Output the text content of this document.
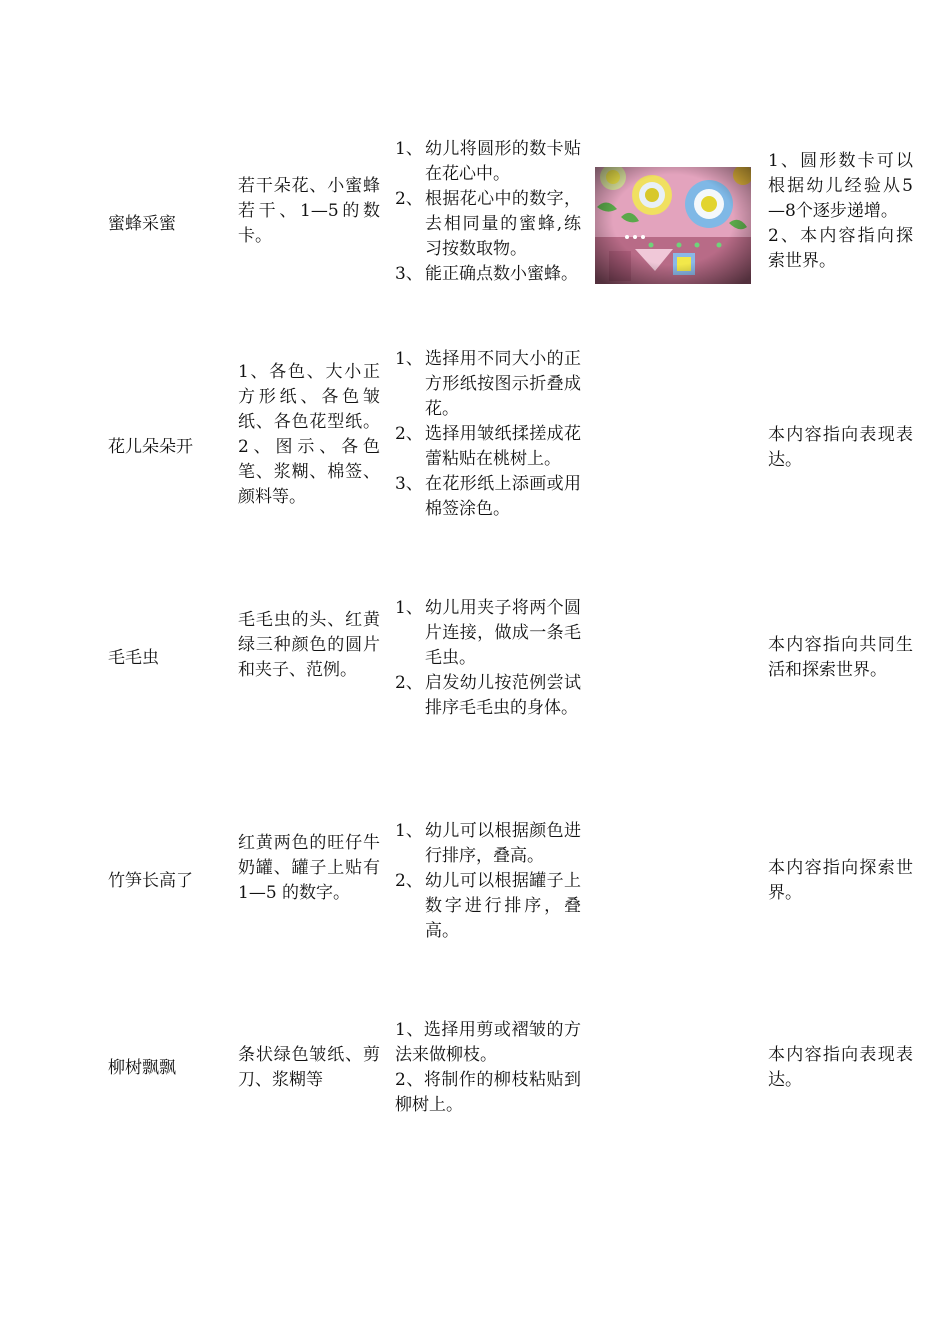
蜜蜂采蜜
若干朵花、小蜜蜂若干、1—5的数卡。
1、 幼儿将圆形的数卡贴在花心中。
2、 根据花心中的数字，去相同量的蜜蜂,练习按数取物。
3、 能正确点数小蜜蜂。
1、圆形数卡可以根据幼儿经验从5—8个逐步递增。
2、本内容指向探索世界。
花儿朵朵开
1、各色、大小正方形纸、各色皱纸、各色花型纸。2、图示、各色笔、浆糊、棉签、颜料等。
1、 选择用不同大小的正方形纸按图示折叠成花。
2、 选择用皱纸揉搓成花蕾粘贴在桃树上。
3、 在花形纸上添画或用棉签涂色。
本内容指向表现表达。
毛毛虫
毛毛虫的头、红黄绿三种颜色的圆片和夹子、范例。
1、 幼儿用夹子将两个圆片连接，做成一条毛毛虫。
2、 启发幼儿按范例尝试排序毛毛虫的身体。
本内容指向共同生活和探索世界。
竹笋长高了
红黄两色的旺仔牛奶罐、罐子上贴有 1—5 的数字。
1、 幼儿可以根据颜色进行排序，叠高。
2、 幼儿可以根据罐子上数字进行排序，叠高。
本内容指向探索世界。
柳树飘飘
条状绿色皱纸、剪刀、浆糊等
1、选择用剪或褶皱的方法来做柳枝。
2、将制作的柳枝粘贴到柳树上。
本内容指向表现表达。
